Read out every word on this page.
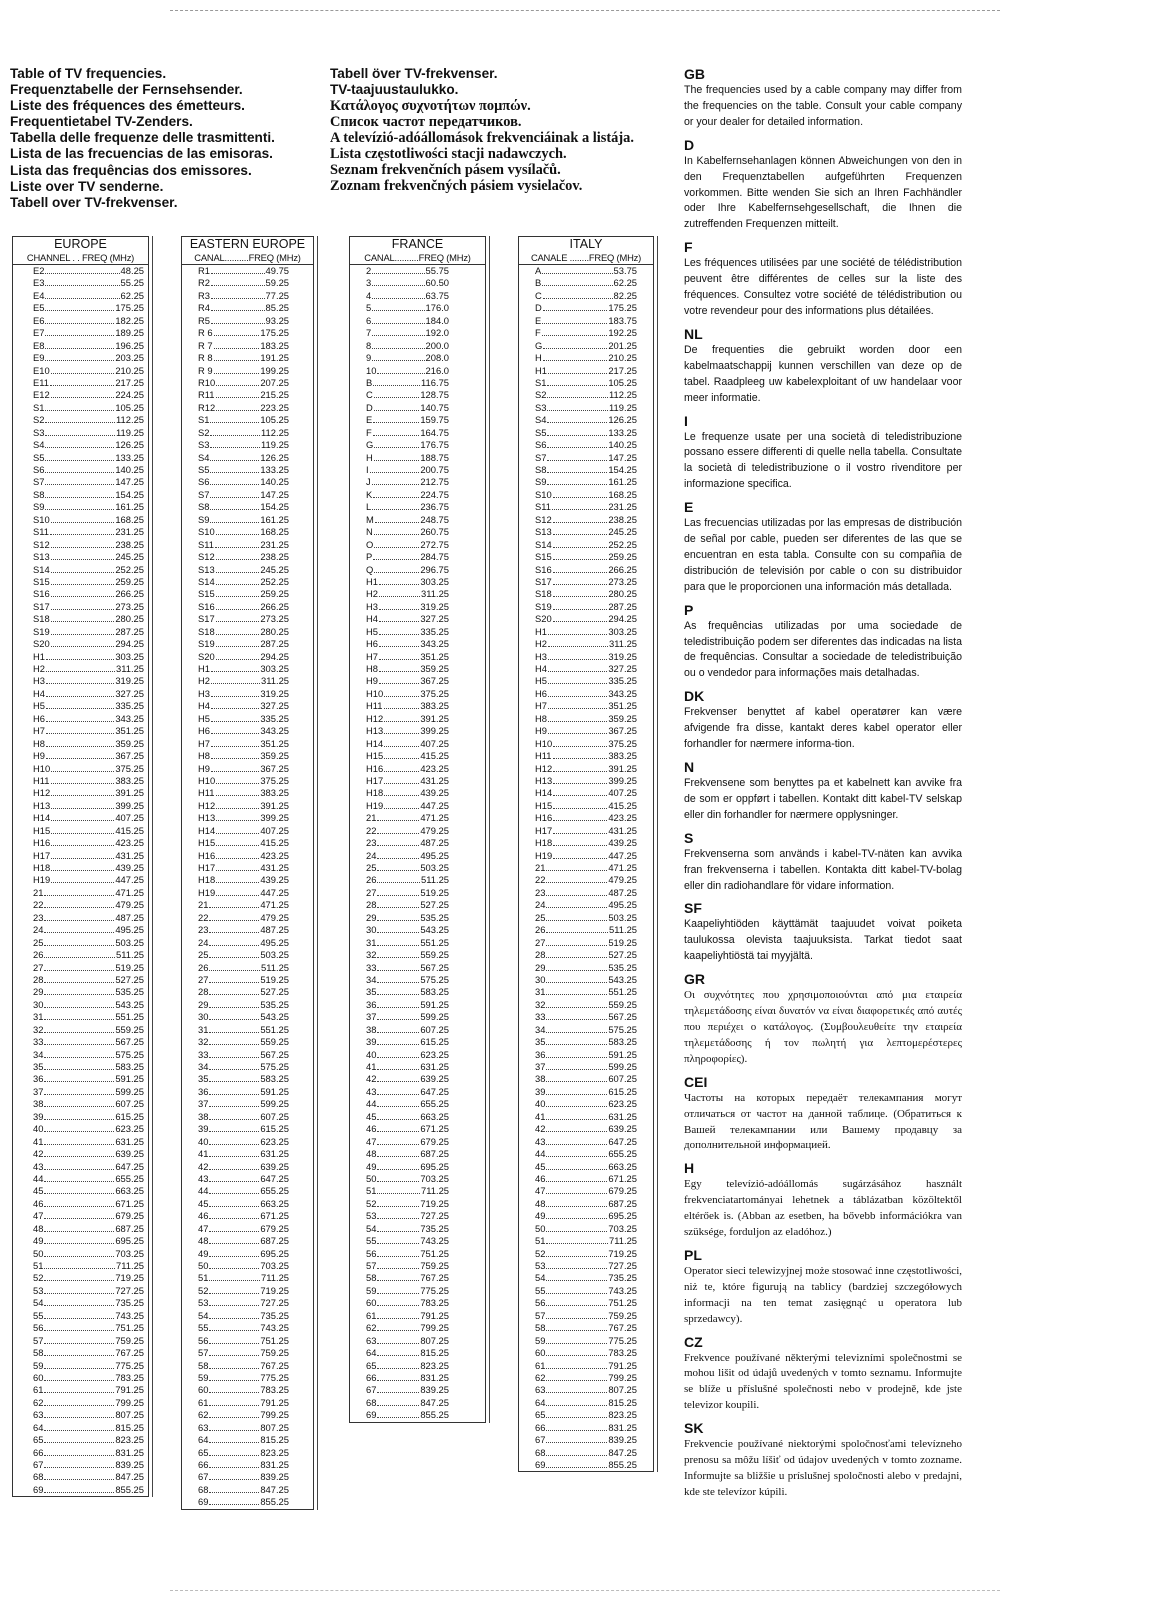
Table of TV frequencies.
Frequenztabelle der Fernsehsender.
Liste des fréquences des émetteurs.
Frequentietabel TV-Zenders.
Tabella delle frequenze delle trasmittenti.
Lista de las frecuencias de las emisoras.
Lista das frequências dos emissores.
Liste over TV senderne.
Tabell over TV-frekvenser.
Tabell över TV-frekvenser.
TV-taajuustaulukko.
Κατάλογος συχνοτήτων πομπών.
Список частот передатчиков.
A televízió-adóállomások frekvenciáinak a listája.
Lista częstotliwości stacji nadawczych.
Seznam frekvenčních pásem vysílačů.
Zoznam frekvenčných pásiem vysielačov.
EUROPE
CHANNEL . . FREQ (MHz)
E2	48.25
E3	55.25
E4	62.25
E5	175.25
E6	182.25
E7	189.25
E8	196.25
E9	203.25
E10	210.25
E11	217.25
E12	224.25
S1	105.25
S2	112.25
S3	119.25
S4	126.25
S5	133.25
S6	140.25
S7	147.25
S8	154.25
S9	161.25
S10	168.25
S11	231.25
S12	238.25
S13	245.25
S14	252.25
S15	259.25
S16	266.25
S17	273.25
S18	280.25
S19	287.25
S20	294.25
H1	303.25
H2	311.25
H3	319.25
H4	327.25
H5	335.25
H6	343.25
H7	351.25
H8	359.25
H9	367.25
H10	375.25
H11	383.25
H12	391.25
H13	399.25
H14	407.25
H15	415.25
H16	423.25
H17	431.25
H18	439.25
H19	447.25
21	471.25
22	479.25
23	487.25
24	495.25
25	503.25
26	511.25
27	519.25
28	527.25
29	535.25
30	543.25
31	551.25
32	559.25
33	567.25
34	575.25
35	583.25
36	591.25
37	599.25
38	607.25
39	615.25
40	623.25
41	631.25
42	639.25
43	647.25
44	655.25
45	663.25
46	671.25
47	679.25
48	687.25
49	695.25
50	703.25
51	711.25
52	719.25
53	727.25
54	735.25
55	743.25
56	751.25
57	759.25
58	767.25
59	775.25
60	783.25
61	791.25
62	799.25
63	807.25
64	815.25
65	823.25
66	831.25
67	839.25
68	847.25
69	855.25
EASTERN EUROPE
CANAL..........FREQ (MHz)
R1	49.75
R2	59.25
R3	77.25
R4	85.25
R5	93.25
R 6	175.25
R 7	183.25
R 8	191.25
R 9	199.25
R10	207.25
R11	215.25
R12	223.25
S1	105.25
S2	112.25
S3	119.25
S4	126.25
S5	133.25
S6	140.25
S7	147.25
S8	154.25
S9	161.25
S10	168.25
S11	231.25
S12	238.25
S13	245.25
S14	252.25
S15	259.25
S16	266.25
S17	273.25
S18	280.25
S19	287.25
S20	294.25
H1	303.25
H2	311.25
H3	319.25
H4	327.25
H5	335.25
H6	343.25
H7	351.25
H8	359.25
H9	367.25
H10	375.25
H11	383.25
H12	391.25
H13	399.25
H14	407.25
H15	415.25
H16	423.25
H17	431.25
H18	439.25
H19	447.25
21	471.25
22	479.25
23	487.25
24	495.25
25	503.25
26	511.25
27	519.25
28	527.25
29	535.25
30	543.25
31	551.25
32	559.25
33	567.25
34	575.25
35	583.25
36	591.25
37	599.25
38	607.25
39	615.25
40	623.25
41	631.25
42	639.25
43	647.25
44	655.25
45	663.25
46	671.25
47	679.25
48	687.25
49	695.25
50	703.25
51	711.25
52	719.25
53	727.25
54	735.25
55	743.25
56	751.25
57	759.25
58	767.25
59	775.25
60	783.25
61	791.25
62	799.25
63	807.25
64	815.25
65	823.25
66	831.25
67	839.25
68	847.25
69	855.25
FRANCE
CANAL..........FREQ (MHz)
2	55.75
3	60.50
4	63.75
5	176.0
6	184.0
7	192.0
8	200.0
9	208.0
10	216.0
B	116.75
C	128.75
D	140.75
E	159.75
F	164.75
G	176.75
H	188.75
I	200.75
J	212.75
K	224.75
L	236.75
M	248.75
N	260.75
O	272.75
P	284.75
Q	296.75
H1	303.25
H2	311.25
H3	319.25
H4	327.25
H5	335.25
H6	343.25
H7	351.25
H8	359.25
H9	367.25
H10	375.25
H11	383.25
H12	391.25
H13	399.25
H14	407.25
H15	415.25
H16	423.25
H17	431.25
H18	439.25
H19	447.25
21	471.25
22	479.25
23	487.25
24	495.25
25	503.25
26	511.25
27	519.25
28	527.25
29	535.25
30	543.25
31	551.25
32	559.25
33	567.25
34	575.25
35	583.25
36	591.25
37	599.25
38	607.25
39	615.25
40	623.25
41	631.25
42	639.25
43	647.25
44	655.25
45	663.25
46	671.25
47	679.25
48	687.25
49	695.25
50	703.25
51	711.25
52	719.25
53	727.25
54	735.25
55	743.25
56	751.25
57	759.25
58	767.25
59	775.25
60	783.25
61	791.25
62	799.25
63	807.25
64	815.25
65	823.25
66	831.25
67	839.25
68	847.25
69	855.25
ITALY
CANALE ........FREQ (MHz)
A	53.75
B	62.25
C	82.25
D	175.25
E	183.75
F	192.25
G	201.25
H	210.25
H1	217.25
S1	105.25
S2	112.25
S3	119.25
S4	126.25
S5	133.25
S6	140.25
S7	147.25
S8	154.25
S9	161.25
S10	168.25
S11	231.25
S12	238.25
S13	245.25
S14	252.25
S15	259.25
S16	266.25
S17	273.25
S18	280.25
S19	287.25
S20	294.25
H1	303.25
H2	311.25
H3	319.25
H4	327.25
H5	335.25
H6	343.25
H7	351.25
H8	359.25
H9	367.25
H10	375.25
H11	383.25
H12	391.25
H13	399.25
H14	407.25
H15	415.25
H16	423.25
H17	431.25
H18	439.25
H19	447.25
21	471.25
22	479.25
23	487.25
24	495.25
25	503.25
26	511.25
27	519.25
28	527.25
29	535.25
30	543.25
31	551.25
32	559.25
33	567.25
34	575.25
35	583.25
36	591.25
37	599.25
38	607.25
39	615.25
40	623.25
41	631.25
42	639.25
43	647.25
44	655.25
45	663.25
46	671.25
47	679.25
48	687.25
49	695.25
50	703.25
51	711.25
52	719.25
53	727.25
54	735.25
55	743.25
56	751.25
57	759.25
58	767.25
59	775.25
60	783.25
61	791.25
62	799.25
63	807.25
64	815.25
65	823.25
66	831.25
67	839.25
68	847.25
69	855.25
GB

The frequencies used by a cable company may differ from the frequencies on the table. Consult your cable company or your dealer for detailed information.

D

In Kabelfernsehanlagen können Abweichungen von den in den Frequenztabellen aufgeführten Frequenzen vorkommen. Bitte wenden Sie sich an Ihren Fachhändler oder Ihre Kabelfernsehgesellschaft, die Ihnen die zutreffenden Frequenzen mitteilt.

F

Les fréquences utilisées par une société de télédistribution peuvent être différentes de celles sur la liste des fréquences. Consultez votre société de télédistribution ou votre revendeur pour des informations plus détailées.

NL

De frequenties die gebruikt worden door een kabelmaatschappij kunnen verschillen van deze op de tabel. Raadpleeg uw kabelexploitant of uw handelaar voor meer informatie.

I

Le frequenze usate per una società di teledistribuzione possano essere differenti di quelle nella tabella. Consultate la società di teledistribuzione o il vostro rivenditore per informazione specifica.

E

Las frecuencias utilizadas por las empresas de distribución de señal por cable, pueden ser diferentes de las que se encuentran en esta tabla. Consulte con su compañia de distribución de televisión por cable o con su distribuidor para que le proporcionen una información más detallada.

P

As frequências utilizadas por uma sociedade de teledistribuição podem ser diferentes das indicadas na lista de frequências. Consultar a sociedade de teledistribuição ou o vendedor para informações mais detalhadas.

DK

Frekvenser benyttet af kabel operatører kan være afvigende fra disse, kantakt deres kabel operator eller forhandler for nærmere informa-tion.

N

Frekvensene som benyttes pa et kabelnett kan avvike fra de som er oppført i tabellen. Kontakt ditt kabel-TV selskap eller din forhandler for nærmere opplysninger.

S

Frekvenserna som används i kabel-TV-näten kan avvika fran frekvenserna i tabellen. Kontakta ditt kabel-TV-bolag eller din radiohandlare för vidare information.

SF

Kaapeliyhtiöden käyttämät taajuudet voivat poiketa taulukossa olevista taajuuksista. Tarkat tiedot saat kaapeliyhtiöstä tai myyjältä.

GR

Οι συχνότητες που χρησιμοποιούνται από μια εταιρεία τηλεμετάδοσης είναι δυνατόν να είναι διαφορετικές από αυτές που περιέχει ο κατάλογος. (Συμβουλευθείτε την εταιρεία τηλεμετάδοσης ή τον πωλητή για λεπτομερέστερες πληροφορίες).

CEI

Частоты на которых передаёт телекампания могут отличаться от частот на данной таблице. (Обратиться к Вашей телекампании или Вашему продавцу за дополнительной информацией.

H

Egy televízió-adóállomás sugárzásához használt frekvenciatartományai lehetnek a táblázatban közöltektől eltérőek is. (Abban az esetben, ha bővebb információkra van szüksége, forduljon az eladóhoz.)

PL

Operator sieci telewizyjnej może stosować inne częstotliwości, niż te, które figurują na tablicy (bardziej szczegółowych informacji na ten temat zasięgnąć u operatora lub sprzedawcy).

CZ

Frekvence používané některými televizními společnostmi se mohou lišit od údajů uvedených v tomto seznamu. Informujte se blíže u příslušné společnosti nebo v prodejně, kde jste televizor koupili.

SK

Frekvencie používané niektorými spoločnosťami televízneho prenosu sa môžu líšiť od údajov uvedených v tomto zozname. Informujte sa bližšie u príslušnej spoločnosti alebo v predajni, kde ste televízor kúpili.
